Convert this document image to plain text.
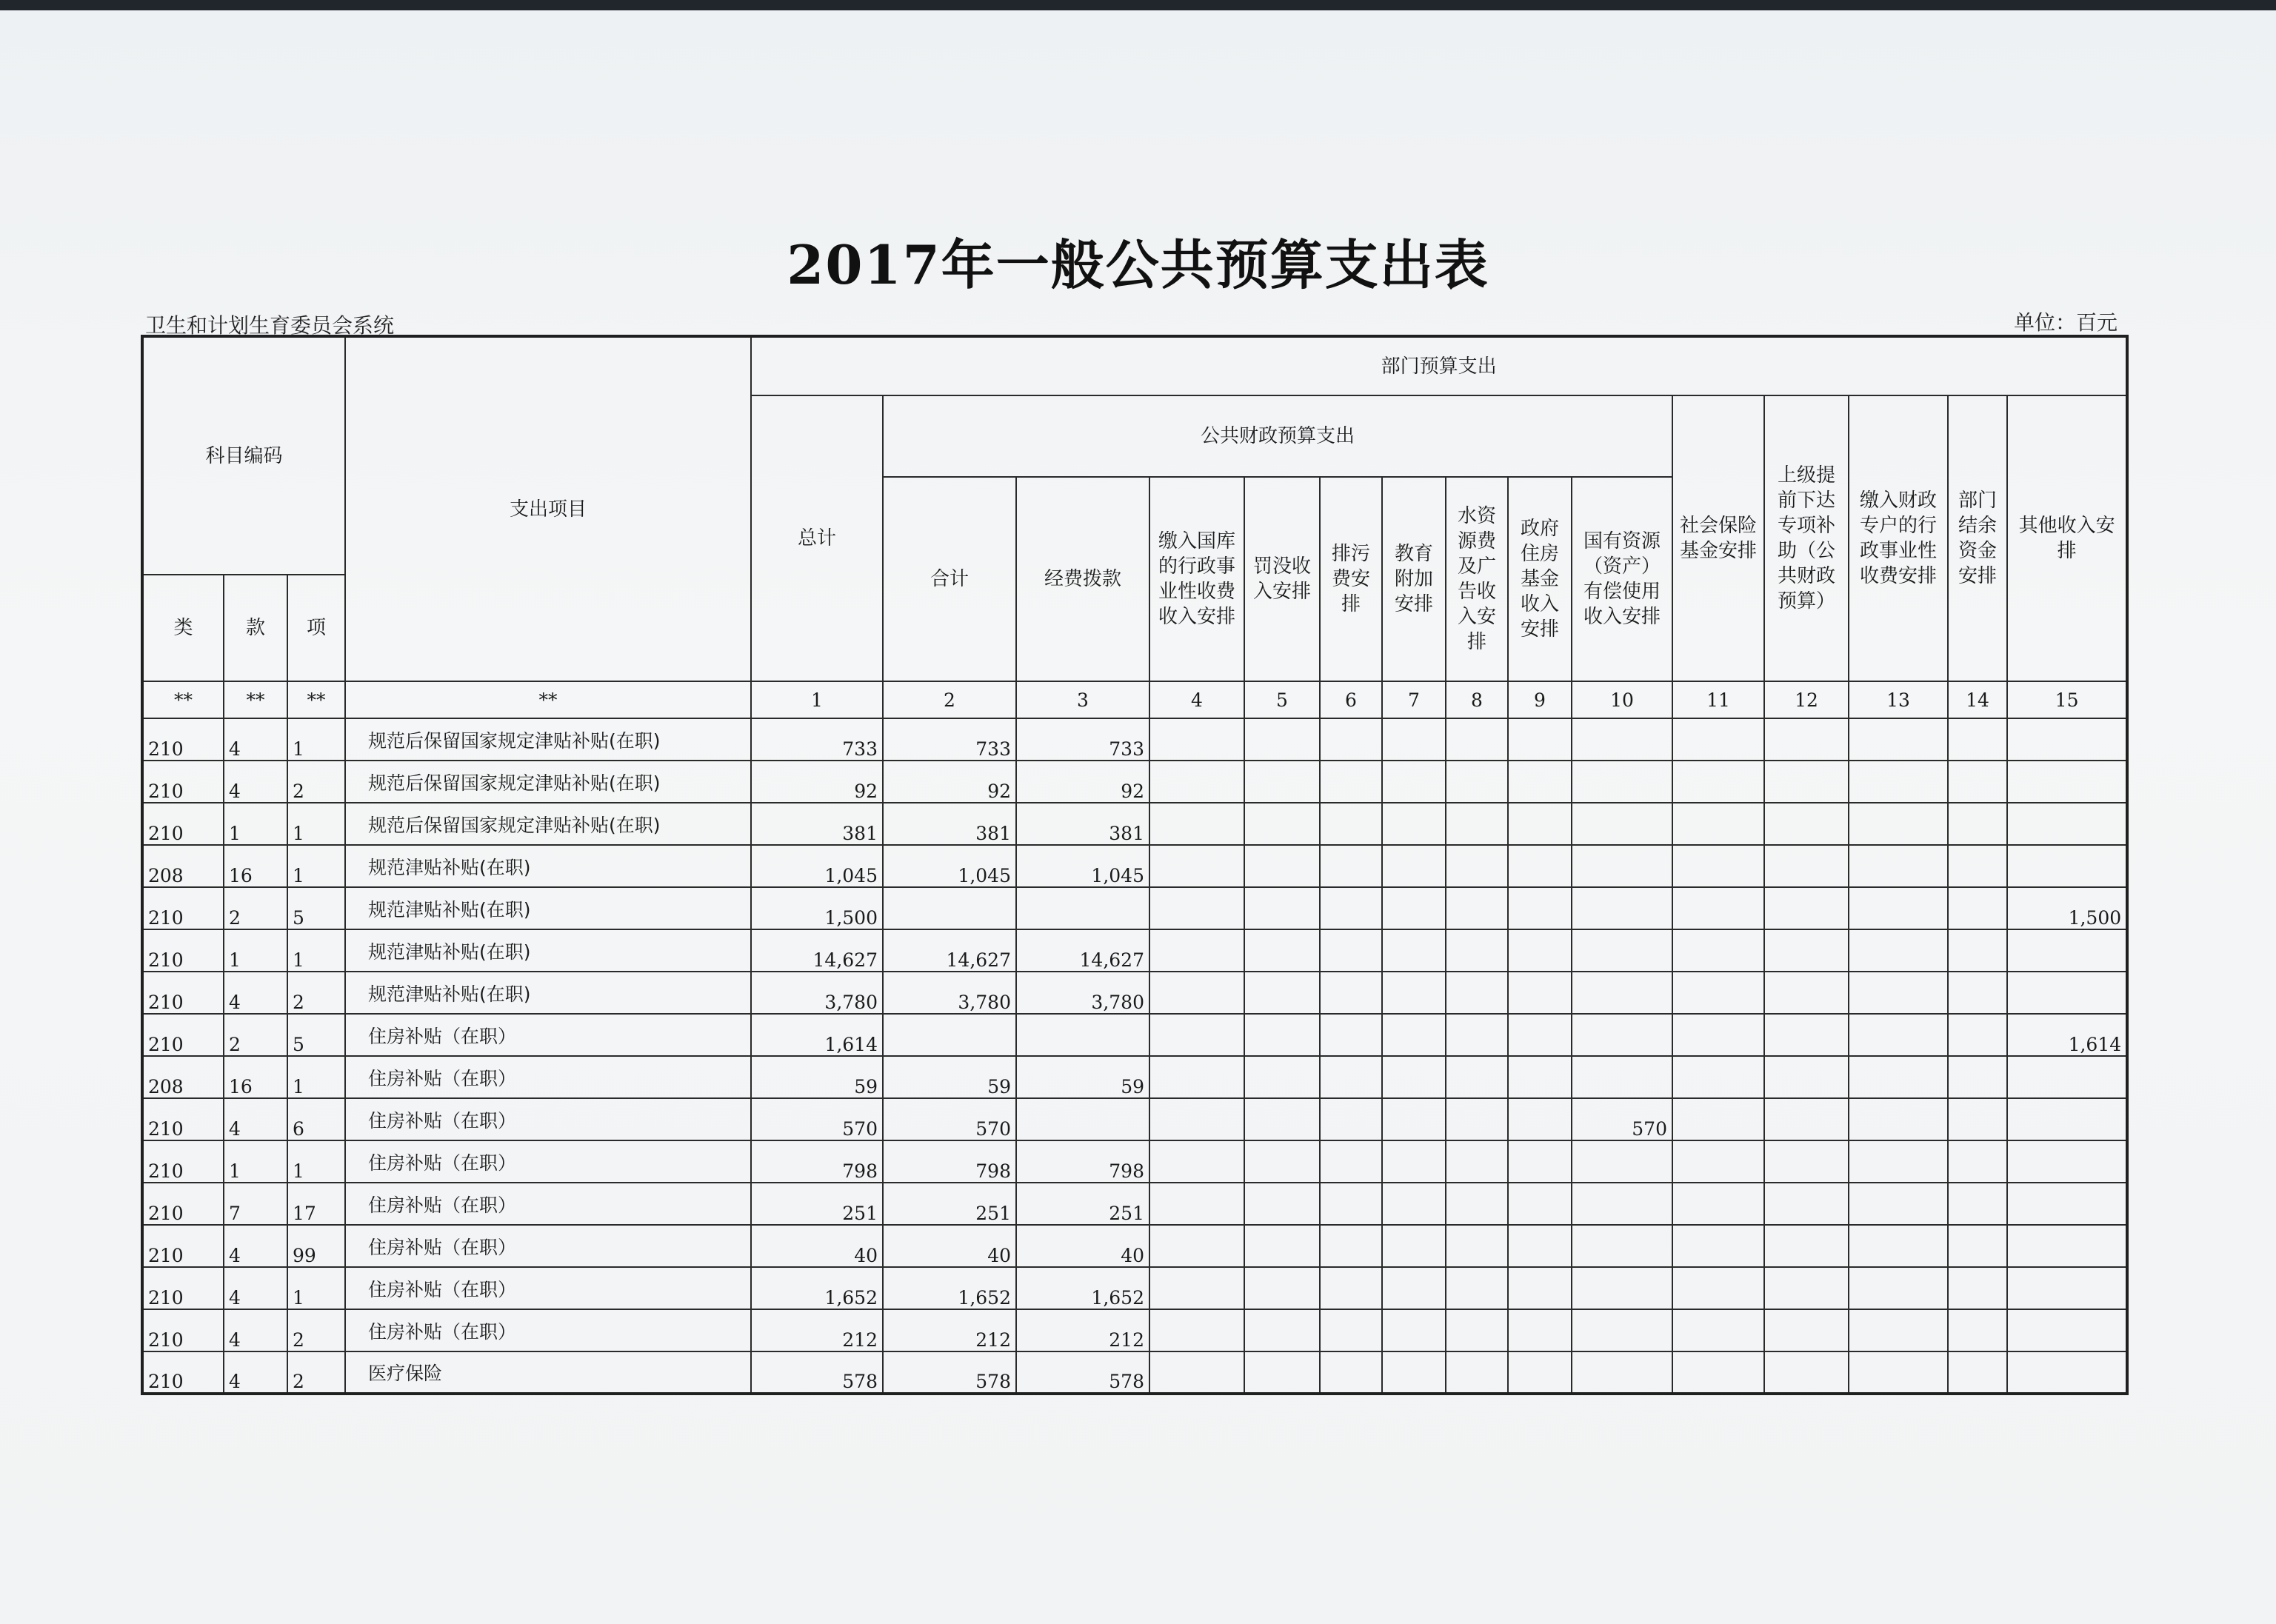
2017年一般公共预算支出表
卫生和计划生育委员会系统	单位：百元
科目编码			支出项目	部门预算支出														
				总计	公共财政预算支出									社会保险基金安排	上级提前下达专项补助（公共财政预算）	缴入财政专户的行政事业性收费安排	部门结余资金安排	其他收入安排
					合计	经费拨款	缴入国库的行政事业性收费收入安排	罚没收入安排	排污费安排	教育附加安排	水资源费及广告收入安排	政府住房基金收入安排	国有资源（资产）有偿使用收入安排					
类	款	项																
**	**	**	**	1	2	3	4	5	6	7	8	9	10	11	12	13	14	15
210	4	1	规范后保留国家规定津贴补贴(在职)	733	733	733												
210	4	2	规范后保留国家规定津贴补贴(在职)	92	92	92												
210	1	1	规范后保留国家规定津贴补贴(在职)	381	381	381												
208	16	1	规范津贴补贴(在职)	1,045	1,045	1,045												
210	2	5	规范津贴补贴(在职)	1,500														1,500
210	1	1	规范津贴补贴(在职)	14,627	14,627	14,627												
210	4	2	规范津贴补贴(在职)	3,780	3,780	3,780												
210	2	5	住房补贴（在职）	1,614														1,614
208	16	1	住房补贴（在职）	59	59	59												
210	4	6	住房补贴（在职）	570	570								570					
210	1	1	住房补贴（在职）	798	798	798												
210	7	17	住房补贴（在职）	251	251	251												
210	4	99	住房补贴（在职）	40	40	40												
210	4	1	住房补贴（在职）	1,652	1,652	1,652												
210	4	2	住房补贴（在职）	212	212	212												
210	4	2	医疗保险	578	578	578												
